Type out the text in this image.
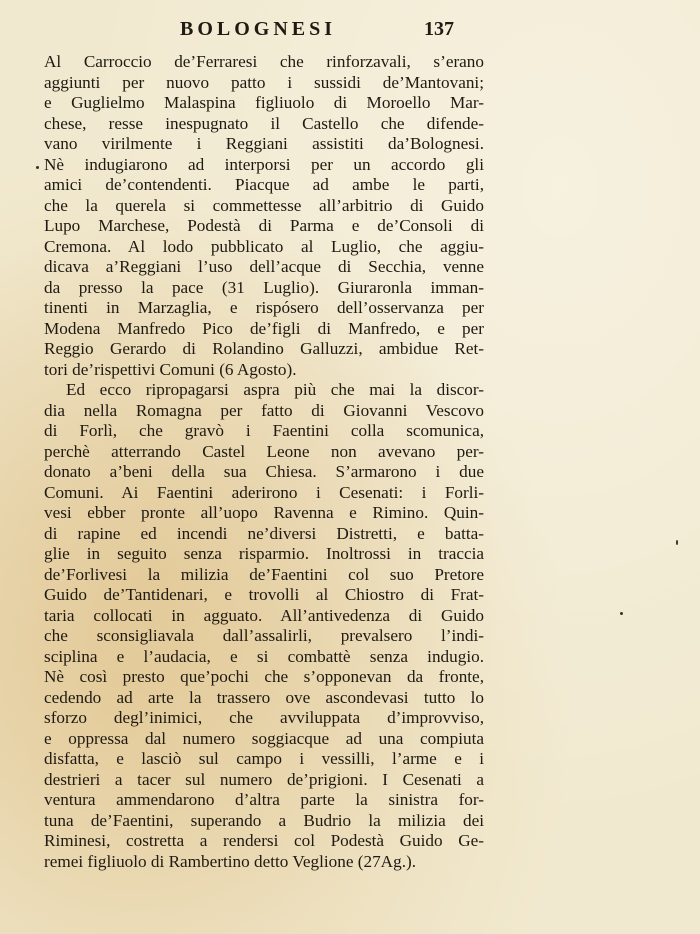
BOLOGNESI	137
Al Carroccio de’Ferraresi che rinforzavali, s’erano
aggiunti per nuovo patto i sussidi de’Mantovani;
e Guglielmo Malaspina figliuolo di Moroello Mar-
chese, resse inespugnato il Castello che difende-
vano virilmente i Reggiani assistiti da’Bolognesi.
Nè indugiarono ad interporsi per un accordo gli
amici de’contendenti. Piacque ad ambe le parti,
che la querela si commettesse all’arbitrio di Guido
Lupo Marchese, Podestà di Parma e de’Consoli di
Cremona. Al lodo pubblicato al Luglio, che aggiu-
dicava a’Reggiani l’uso dell’acque di Secchia, venne
da presso la pace (31 Luglio). Giuraronla imman-
tinenti in Marzaglia, e rispósero dell’osservanza per
Modena Manfredo Pico de’figli di Manfredo, e per
Reggio Gerardo di Rolandino Galluzzi, ambidue Ret-
tori de’rispettivi Comuni (6 Agosto).
Ed ecco ripropagarsi aspra più che mai la discor-
dia nella Romagna per fatto di Giovanni Vescovo
di Forlì, che gravò i Faentini colla scomunica,
perchè atterrando Castel Leone non avevano per-
donato a’beni della sua Chiesa. S’armarono i due
Comuni. Ai Faentini aderirono i Cesenati: i Forli-
vesi ebber pronte all’uopo Ravenna e Rimino. Quin-
di rapine ed incendi ne’diversi Distretti, e batta-
glie in seguito senza risparmio. Inoltrossi in traccia
de’Forlivesi la milizia de’Faentini col suo Pretore
Guido de’Tantidenari, e trovolli al Chiostro di Frat-
taria collocati in agguato. All’antivedenza di Guido
che sconsigliavala dall’assalirli, prevalsero l’indi-
sciplina e l’audacia, e si combattè senza indugio.
Nè così presto que’pochi che s’opponevan da fronte,
cedendo ad arte la trassero ove ascondevasi tutto lo
sforzo degl’inimici, che avviluppata d’improvviso,
e oppressa dal numero soggiacque ad una compiuta
disfatta, e lasciò sul campo i vessilli, l’arme e i
destrieri a tacer sul numero de’prigioni. I Cesenati a
ventura ammendarono d’altra parte la sinistra for-
tuna de’Faentini, superando a Budrio la milizia dei
Riminesi, costretta a rendersi col Podestà Guido Ge-
remei figliuolo di Rambertino detto Veglione (27Ag.).
